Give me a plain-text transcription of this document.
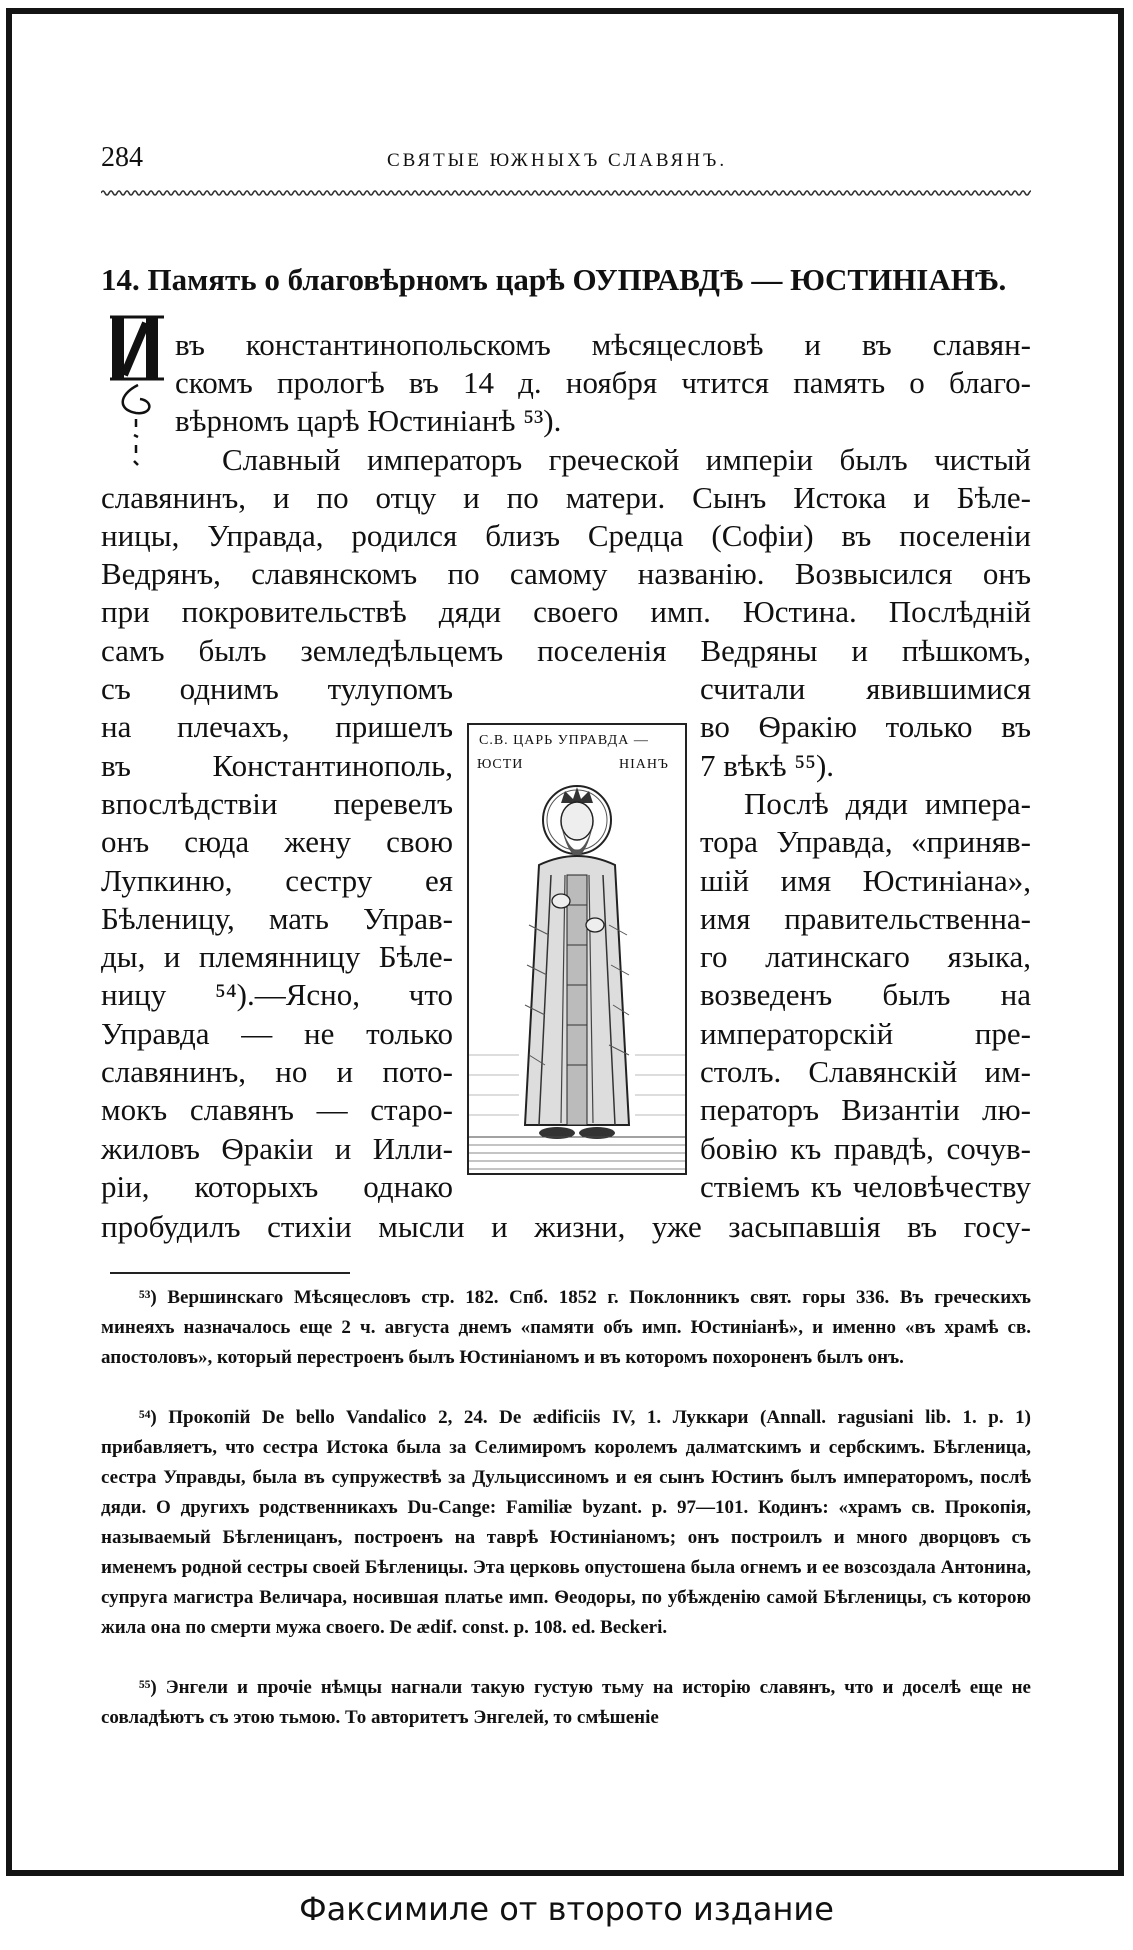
284	СВЯТЫЕ ЮЖНЫХЪ СЛАВЯНЪ.
14. Память о благовѣрномъ царѣ ОУПРАВДѢ — ЮСТИНІАНѢ.
И
въ константинопольскомъ мѣсяцесловѣ и въ славян-
скомъ прологѣ въ 14 д. ноября чтится память о благо-
вѣрномъ царѣ Юстиніанѣ ⁵³).
Славный императоръ греческой имперіи былъ чистый
славянинъ, и по отцу и по матери. Сынъ Истока и Бѣле-
ницы, Управда, родился близъ Средца (Софіи) въ поселеніи
Ведрянъ, славянскомъ по самому названію. Возвысился онъ
при покровительствѣ дяди своего имп. Юстина. Послѣдній
самъ былъ земледѣльцемъ поселенія Ведряны и пѣшкомъ,
съ однимъ тулупомъ
на плечахъ, пришелъ
въ Константинополь,
впослѣдствіи перевелъ
онъ сюда жену свою
Лупкиню, сестру ея
Бѣленицу, мать Управ-
ды, и племянницу Бѣле-
ницу ⁵⁴).—Ясно, что
Управда — не только
славянинъ, но и пото-
мокъ славянъ — старо-
жиловъ Ѳракіи и Илли-
ріи, которыхъ однако
считали явившимися
во Ѳракію только въ
7 вѣкѣ ⁵⁵).
Послѣ дяди импера-
тора Управда, «приняв-
шій имя Юстиніана»,
имя правительственна-
го латинскаго языка,
возведенъ былъ на
императорскій пре-
столъ. Славянскій им-
ператоръ Византіи лю-
бовію къ правдѣ, сочув-
ствіемъ къ человѣчеству
пробудилъ стихіи мысли и жизни, уже засыпавшія въ госу-
С.В. ЦАРЬ УПРАВДА —
ЮСТИ	НІАНЪ
⁵³) Вершинскаго Мѣсяцесловъ стр. 182. Спб. 1852 г. Поклонникъ свят. горы 336. Въ греческихъ минеяхъ назначалось еще 2 ч. августа днемъ «памяти объ имп. Юстиніанѣ», и именно «въ храмѣ св. апостоловъ», который перестроенъ былъ Юстиніаномъ и въ которомъ похороненъ былъ онъ.
⁵⁴) Прокопій De bello Vandalico 2, 24. De ædificiis IV, 1. Луккари (Annall. ragusiani lib. 1. p. 1) прибавляетъ, что сестра Истока была за Селимиромъ королемъ далматскимъ и сербскимъ. Бѣгленица, сестра Управды, была въ супружествѣ за Дульциссиномъ и ея сынъ Юстинъ былъ императоромъ, послѣ дяди. О другихъ родственникахъ Du-Cange: Familiæ byzant. p. 97—101. Кодинъ: «храмъ св. Прокопія, называемый Бѣгленицанъ, построенъ на таврѣ Юстиніаномъ; онъ построилъ и много дворцовъ съ именемъ родной сестры своей Бѣгленицы. Эта церковь опустошена была огнемъ и ее возсоздала Антонина, супруга магистра Величара, носившая платье имп. Ѳеодоры, по убѣжденію самой Бѣгленицы, съ которою жила она по смерти мужа своего. De ædif. const. p. 108. ed. Beckeri.
⁵⁵) Энгели и прочіе нѣмцы нагнали такую густую тьму на исторію славянъ, что и доселѣ еще не совладѣютъ съ этою тьмою. То авторитетъ Энгелей, то смѣшеніе
Факсимиле от второто издание
